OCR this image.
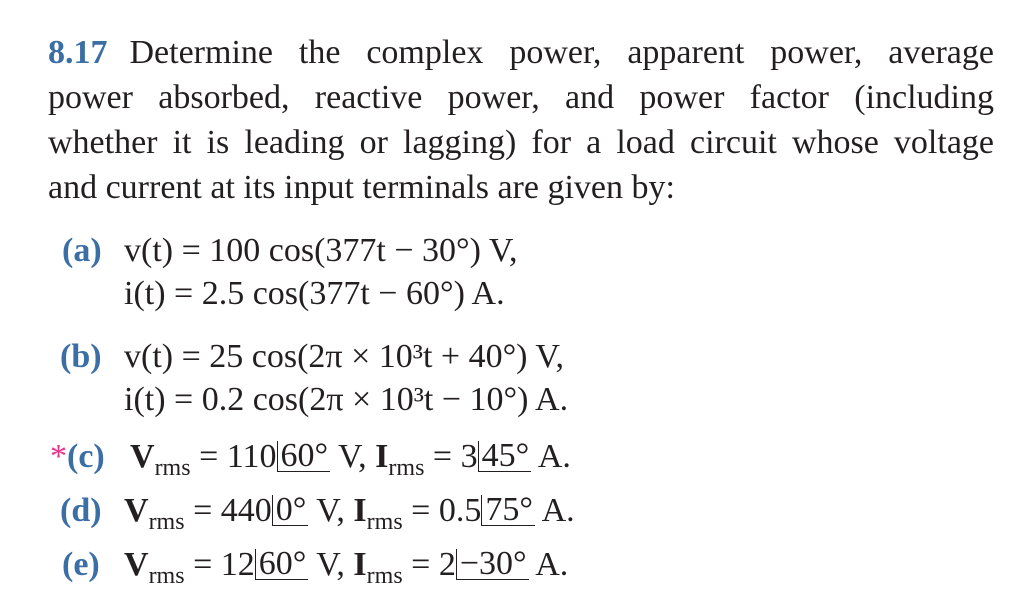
8.17 Determine the complex power, apparent power, average
power absorbed, reactive power, and power factor (including
whether it is leading or lagging) for a load circuit whose voltage
and current at its input terminals are given by:
(a) v(t) = 100 cos(377t − 30°) V,
i(t) = 2.5 cos(377t − 60°) A.
(b) v(t) = 25 cos(2π × 10³t + 40°) V,
i(t) = 0.2 cos(2π × 10³t − 10°) A.
*(c) $V_{rms} = 110$ 60° V, $I_{rms} = 3$ 45° A.
(d) $V_{rms} = 440$ 0° V, $I_{rms} = 0.5$ 75° A.
(e) $V_{rms} = 12$ 60° V, $I_{rms} = 2 -30^\circ$ A.
